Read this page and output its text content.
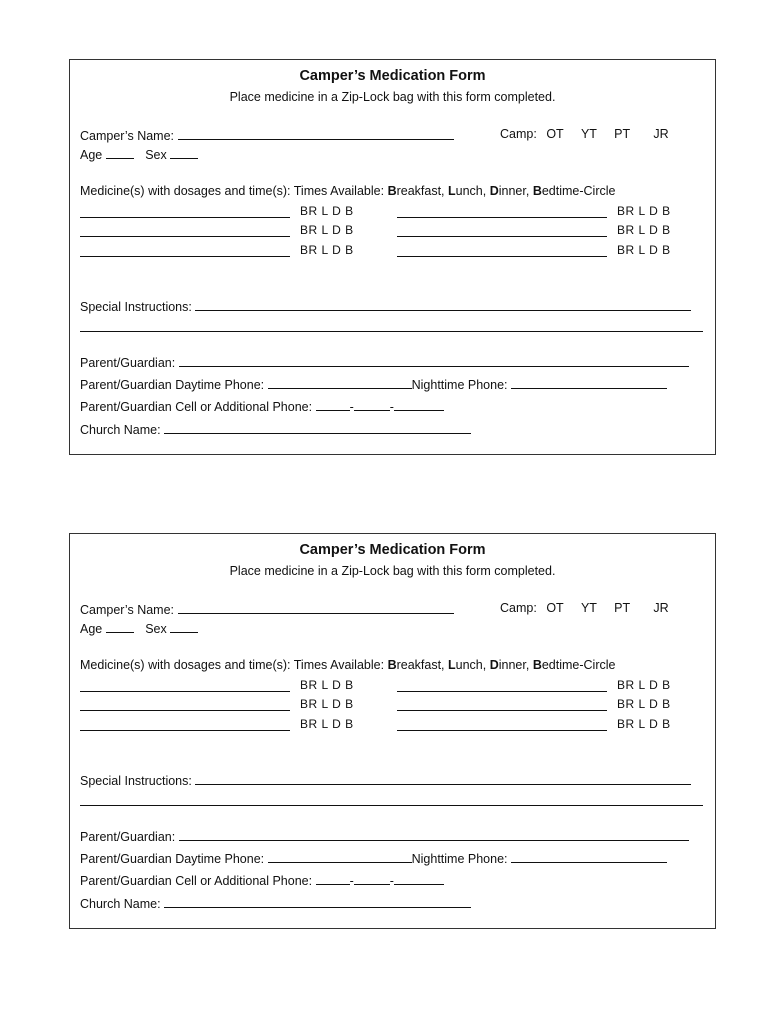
Camper’s Medication Form
Place medicine in a Zip-Lock bag with this form completed.
Camper’s Name:	Camp: OT YT PT JR
Age	Sex
Medicine(s) with dosages and time(s): Times Available: Breakfast, Lunch, Dinner, Bedtime-Circle
BR L D B	BR L D B
BR L D B	BR L D B
BR L D B	BR L D B
Special Instructions:
Parent/Guardian:
Parent/Guardian Daytime Phone:	Nighttime Phone:
Parent/Guardian Cell or Additional Phone:	-	-
Church Name:
Camper’s Medication Form
Place medicine in a Zip-Lock bag with this form completed.
Camper’s Name:	Camp: OT YT PT JR
Age	Sex
Medicine(s) with dosages and time(s): Times Available: Breakfast, Lunch, Dinner, Bedtime-Circle
BR L D B	BR L D B
BR L D B	BR L D B
BR L D B	BR L D B
Special Instructions:
Parent/Guardian:
Parent/Guardian Daytime Phone:	Nighttime Phone:
Parent/Guardian Cell or Additional Phone:	-	-
Church Name:
